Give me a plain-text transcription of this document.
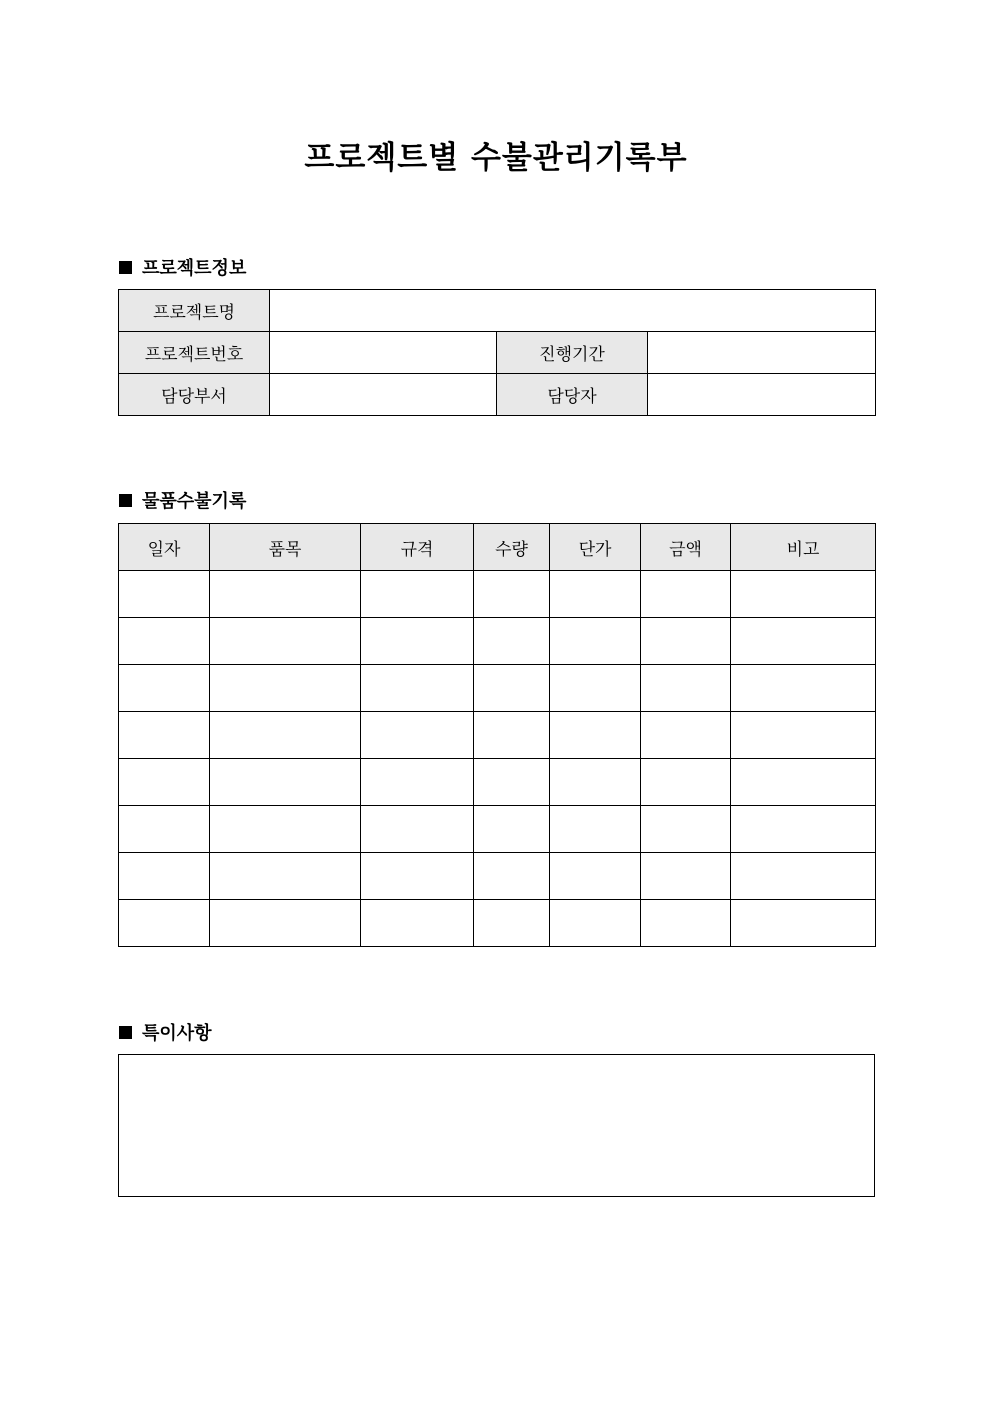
프로젝트별 수불관리기록부
프로젝트정보
프로젝트명			
프로젝트번호		진행기간	
담당부서		담당자	
물품수불기록
일자	품목	규격	수량	단가	금액	비고

특이사항
